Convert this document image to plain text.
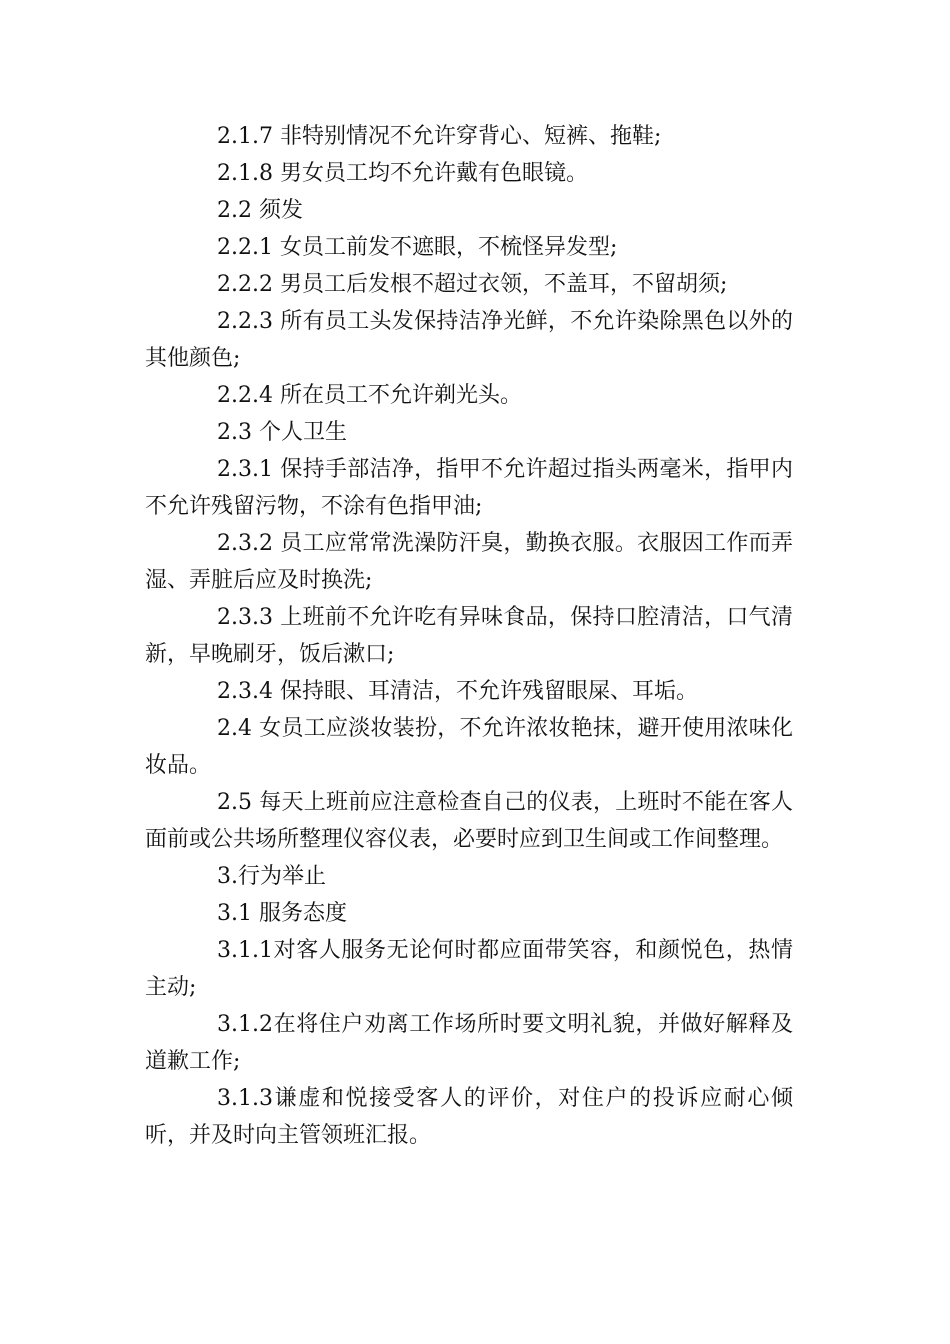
2.1.7 非特别情况不允许穿背心、短裤、拖鞋;

2.1.8 男女员工均不允许戴有色眼镜。

2.2 须发

2.2.1 女员工前发不遮眼，不梳怪异发型;

2.2.2 男员工后发根不超过衣领，不盖耳，不留胡须;

2.2.3 所有员工头发保持洁净光鲜，不允许染除黑色以外的其他颜色;

2.2.4 所在员工不允许剃光头。

2.3 个人卫生

2.3.1 保持手部洁净，指甲不允许超过指头两毫米，指甲内不允许残留污物，不涂有色指甲油;

2.3.2 员工应常常洗澡防汗臭，勤换衣服。衣服因工作而弄湿、弄脏后应及时换洗;

2.3.3 上班前不允许吃有异味食品，保持口腔清洁，口气清新，早晚刷牙，饭后漱口;

2.3.4 保持眼、耳清洁，不允许残留眼屎、耳垢。

2.4 女员工应淡妆装扮，不允许浓妆艳抹，避开使用浓味化妆品。

2.5 每天上班前应注意检查自己的仪表，上班时不能在客人面前或公共场所整理仪容仪表，必要时应到卫生间或工作间整理。

3.行为举止

3.1 服务态度

3.1.1对客人服务无论何时都应面带笑容，和颜悦色，热情主动;

3.1.2在将住户劝离工作场所时要文明礼貌，并做好解释及道歉工作;

3.1.3谦虚和悦接受客人的评价，对住户的投诉应耐心倾听，并及时向主管领班汇报。
